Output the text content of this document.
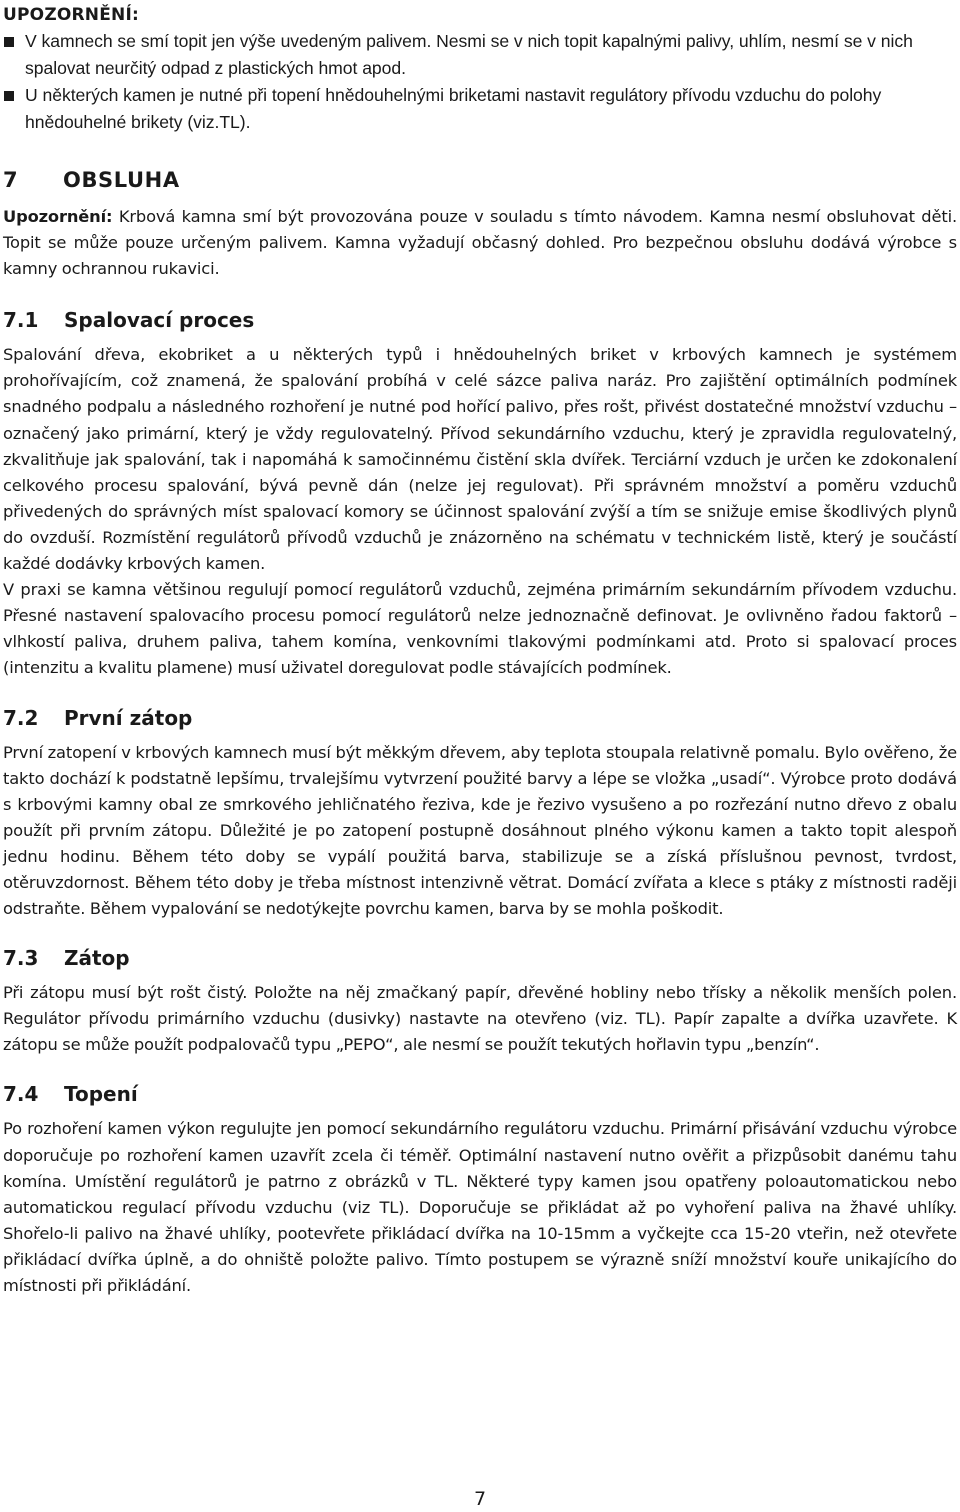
UPOZORNĚNÍ:
V kamnech se smí topit jen výše uvedeným palivem. Nesmi se v nich topit kapalnými palivy, uhlím, nesmí se v nich spalovat neurčitý odpad z plastických hmot apod.
U některých kamen je nutné při topení hnědouhelnými briketami nastavit regulátory přívodu vzduchu do polohy hnědouhelné brikety (viz.TL).
7	OBSLUHA

Upozornění: Krbová kamna smí být provozována pouze v souladu s tímto návodem. Kamna nesmí obsluhovat děti. Topit se může pouze určeným palivem. Kamna vyžadují občasný dohled. Pro bezpečnou obsluhu dodává výrobce s kamny ochrannou rukavici.

7.1	Spalovací proces

Spalování dřeva, ekobriket a u některých typů i hnědouhelných briket v krbových kamnech je systémem prohořívajícím, což znamená, že spalování probíhá v celé sázce paliva naráz. Pro zajištění optimálních podmínek snadného podpalu a následného rozhoření je nutné pod hořící palivo, přes rošt, přivést dostatečné množství vzduchu – označený jako primární, který je vždy regulovatelný. Přívod sekundárního vzduchu, který je zpravidla regulovatelný, zkvalitňuje jak spalování, tak i napomáhá k samočinnému čistění skla dvířek. Terciární vzduch je určen ke zdokonalení celkového procesu spalování, bývá pevně dán (nelze jej regulovat). Při správném množství a poměru vzduchů přivedených do správných míst spalovací komory se účinnost spalování zvýší a tím se snižuje emise škodlivých plynů do ovzduší. Rozmístění regulátorů přívodů vzduchů je znázorněno na schématu v technickém listě, který je součástí každé dodávky krbových kamen.

V praxi se kamna většinou regulují pomocí regulátorů vzduchů, zejména primárním sekundárním přívodem vzduchu. Přesné nastavení spalovacího procesu pomocí regulátorů nelze jednoznačně definovat. Je ovlivněno řadou faktorů – vlhkostí paliva, druhem paliva, tahem komína, venkovními tlakovými podmínkami atd. Proto si spalovací proces (intenzitu a kvalitu plamene) musí uživatel doregulovat podle stávajících podmínek.

7.2	První zátop

První zatopení v krbových kamnech musí být měkkým dřevem, aby teplota stoupala relativně pomalu. Bylo ověřeno, že takto dochází k podstatně lepšímu, trvalejšímu vytvrzení použité barvy a lépe se vložka „usadí“. Výrobce proto dodává s krbovými kamny obal ze smrkového jehličnatého řeziva, kde je řezivo vysušeno a po rozřezání nutno dřevo z obalu použít při prvním zátopu. Důležité je po zatopení postupně dosáhnout plného výkonu kamen a takto topit alespoň jednu hodinu. Během této doby se vypálí použitá barva, stabilizuje se a získá příslušnou pevnost, tvrdost, otěruvzdornost. Během této doby je třeba místnost intenzivně větrat. Domácí zvířata a klece s ptáky z místnosti raději odstraňte. Během vypalování se nedotýkejte povrchu kamen, barva by se mohla poškodit.

7.3	Zátop

Při zátopu musí být rošt čistý. Položte na něj zmačkaný papír, dřevěné hobliny nebo třísky a několik menších polen. Regulátor přívodu primárního vzduchu (dusivky) nastavte na otevřeno (viz. TL). Papír zapalte a dvířka uzavřete. K zátopu se může použít podpalovačů typu „PEPO“, ale nesmí se použít tekutých hořlavin typu „benzín“.

7.4	Topení

Po rozhoření kamen výkon regulujte jen pomocí sekundárního regulátoru vzduchu. Primární přisávání vzduchu výrobce doporučuje po rozhoření kamen uzavřít zcela či téměř. Optimální nastavení nutno ověřit a přizpůsobit danému tahu komína. Umístění regulátorů je patrno z obrázků v TL. Některé typy kamen jsou opatřeny poloautomatickou nebo automatickou regulací přívodu vzduchu (viz TL). Doporučuje se přikládat až po vyhoření paliva na žhavé uhlíky. Shořelo-li palivo na žhavé uhlíky, pootevřete přikládací dvířka na 10-15mm a vyčkejte cca 15-20 vteřin, než otevřete přikládací dvířka úplně, a do ohniště položte palivo. Tímto postupem se výrazně sníží množství kouře unikajícího do místnosti při přikládání.

7
